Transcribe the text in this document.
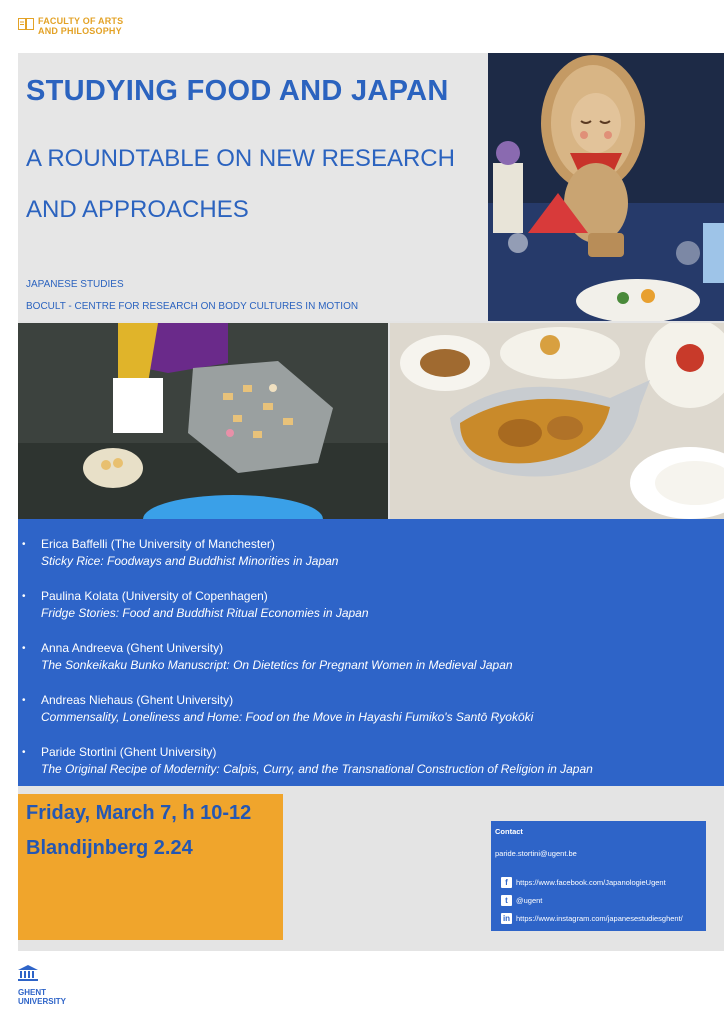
FACULTY OF ARTS
AND PHILOSOPHY
STUDYING FOOD AND JAPAN
A ROUNDTABLE ON NEW RESEARCH AND APPROACHES
JAPANESE STUDIES
BOCULT - CENTRE FOR RESEARCH ON BODY CULTURES IN MOTION
• Erica Baffelli (The University of Manchester)
Sticky Rice: Foodways and Buddhist Minorities in Japan
• Paulina Kolata (University of Copenhagen)
Fridge Stories: Food and Buddhist Ritual Economies in Japan
• Anna Andreeva (Ghent University)
The Sonkeikaku Bunko Manuscript: On Dietetics for Pregnant Women in Medieval Japan
• Andreas Niehaus (Ghent University)
Commensality, Loneliness and Home: Food on the Move in Hayashi Fumiko's Santō Ryokōki
• Paride Stortini (Ghent University)
The Original Recipe of Modernity: Calpis, Curry, and the Transnational Construction of Religion in Japan
Friday, March 7, h 10-12
Blandijnberg 2.24
Contact
paride.stortini@ugent.be
f	https://www.facebook.com/JapanologieUgent
t	@ugent
in https://www.instagram.com/japanesestudiesghent/
GHENT
UNIVERSITY
